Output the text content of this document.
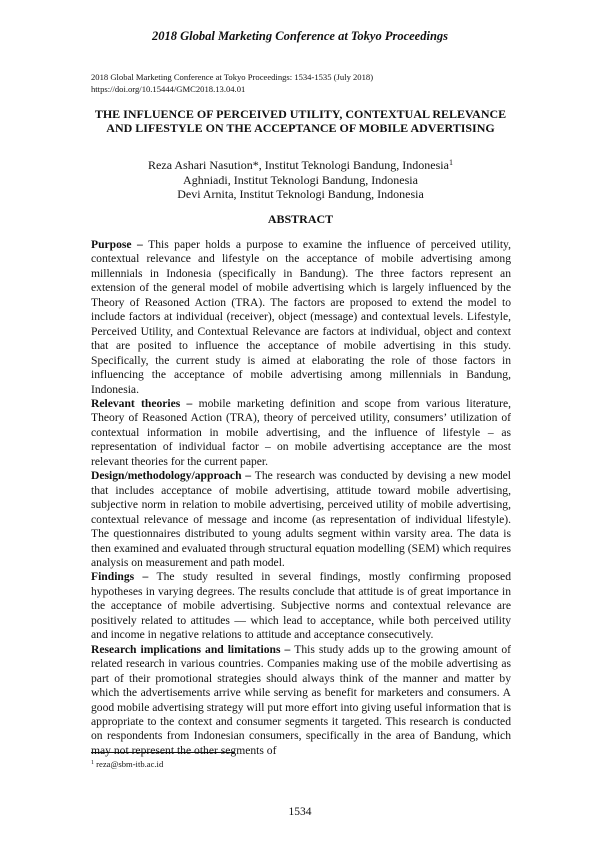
2018 Global Marketing Conference at Tokyo Proceedings
2018 Global Marketing Conference at Tokyo Proceedings: 1534-1535 (July 2018)
https://doi.org/10.15444/GMC2018.13.04.01
THE INFLUENCE OF PERCEIVED UTILITY, CONTEXTUAL RELEVANCE AND LIFESTYLE ON THE ACCEPTANCE OF MOBILE ADVERTISING
Reza Ashari Nasution*, Institut Teknologi Bandung, Indonesia$^1$
Aghniadi, Institut Teknologi Bandung, Indonesia
Devi Arnita, Institut Teknologi Bandung, Indonesia
ABSTRACT

Purpose – This paper holds a purpose to examine the influence of perceived utility, contextual relevance and lifestyle on the acceptance of mobile advertising among millennials in Indonesia (specifically in Bandung). The three factors represent an extension of the general model of mobile advertising which is largely influenced by the Theory of Reasoned Action (TRA). The factors are proposed to extend the model to include factors at individual (receiver), object (message) and contextual levels. Lifestyle, Perceived Utility, and Contextual Relevance are factors at individual, object and context that are posited to influence the acceptance of mobile advertising in this study. Specifically, the current study is aimed at elaborating the role of those factors in influencing the acceptance of mobile advertising among millennials in Bandung, Indonesia.

Relevant theories – mobile marketing definition and scope from various literature, Theory of Reasoned Action (TRA), theory of perceived utility, consumers’ utilization of contextual information in mobile advertising, and the influence of lifestyle – as representation of individual factor – on mobile advertising acceptance are the most relevant theories for the current paper.

Design/methodology/approach – The research was conducted by devising a new model that includes acceptance of mobile advertising, attitude toward mobile advertising, subjective norm in relation to mobile advertising, perceived utility of mobile advertising, contextual relevance of message and income (as representation of individual lifestyle). The questionnaires distributed to young adults segment within varsity area. The data is then examined and evaluated through structural equation modelling (SEM) which requires analysis on measurement and path model.

Findings – The study resulted in several findings, mostly confirming proposed hypotheses in varying degrees. The results conclude that attitude is of great importance in the acceptance of mobile advertising. Subjective norms and contextual relevance are positively related to attitudes — which lead to acceptance, while both perceived utility and income in negative relations to attitude and acceptance consecutively.

Research implications and limitations – This study adds up to the growing amount of related research in various countries. Companies making use of the mobile advertising as part of their promotional strategies should always think of the manner and matter by which the advertisements arrive while serving as benefit for marketers and consumers. A good mobile advertising strategy will put more effort into giving useful information that is appropriate to the context and consumer segments it targeted. This research is conducted on respondents from Indonesian consumers, specifically in the area of Bandung, which may not represent the other segments of

$^1$ reza@sbm-itb.ac.id
1534
